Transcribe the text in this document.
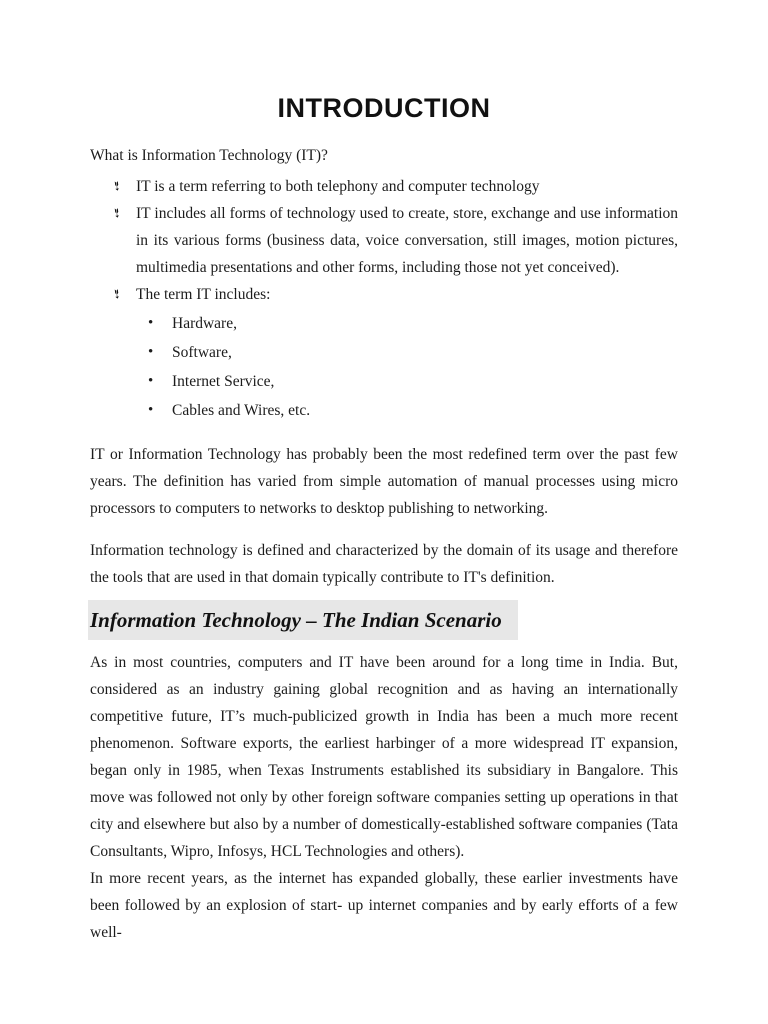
INTRODUCTION

What is Information Technology (IT)?

➴ IT is a term referring to both telephony and computer technology
➴ IT includes all forms of technology used to create, store, exchange and use information in its various forms (business data, voice conversation, still images, motion pictures, multimedia presentations and other forms, including those not yet conceived).
➴ The term IT includes:
•	Hardware,
•	Software,
•	Internet Service,
•	Cables and Wires, etc.

IT or Information Technology has probably been the most redefined term over the past few years. The definition has varied from simple automation of manual processes using micro processors to computers to networks to desktop publishing to networking.

Information technology is defined and characterized by the domain of its usage and therefore the tools that are used in that domain typically contribute to IT's definition.

Information Technology – The Indian Scenario

As in most countries, computers and IT have been around for a long time in India. But, considered as an industry gaining global recognition and as having an internationally competitive future, IT’s much-publicized growth in India has been a much more recent phenomenon. Software exports, the earliest harbinger of a more widespread IT expansion, began only in 1985, when Texas Instruments established its subsidiary in Bangalore. This move was followed not only by other foreign software companies setting up operations in that city and elsewhere but also by a number of domestically-established software companies (Tata Consultants, Wipro, Infosys, HCL Technologies and others).

In more recent years, as the internet has expanded globally, these earlier investments have been followed by an explosion of start- up internet companies and by early efforts of a few well-
